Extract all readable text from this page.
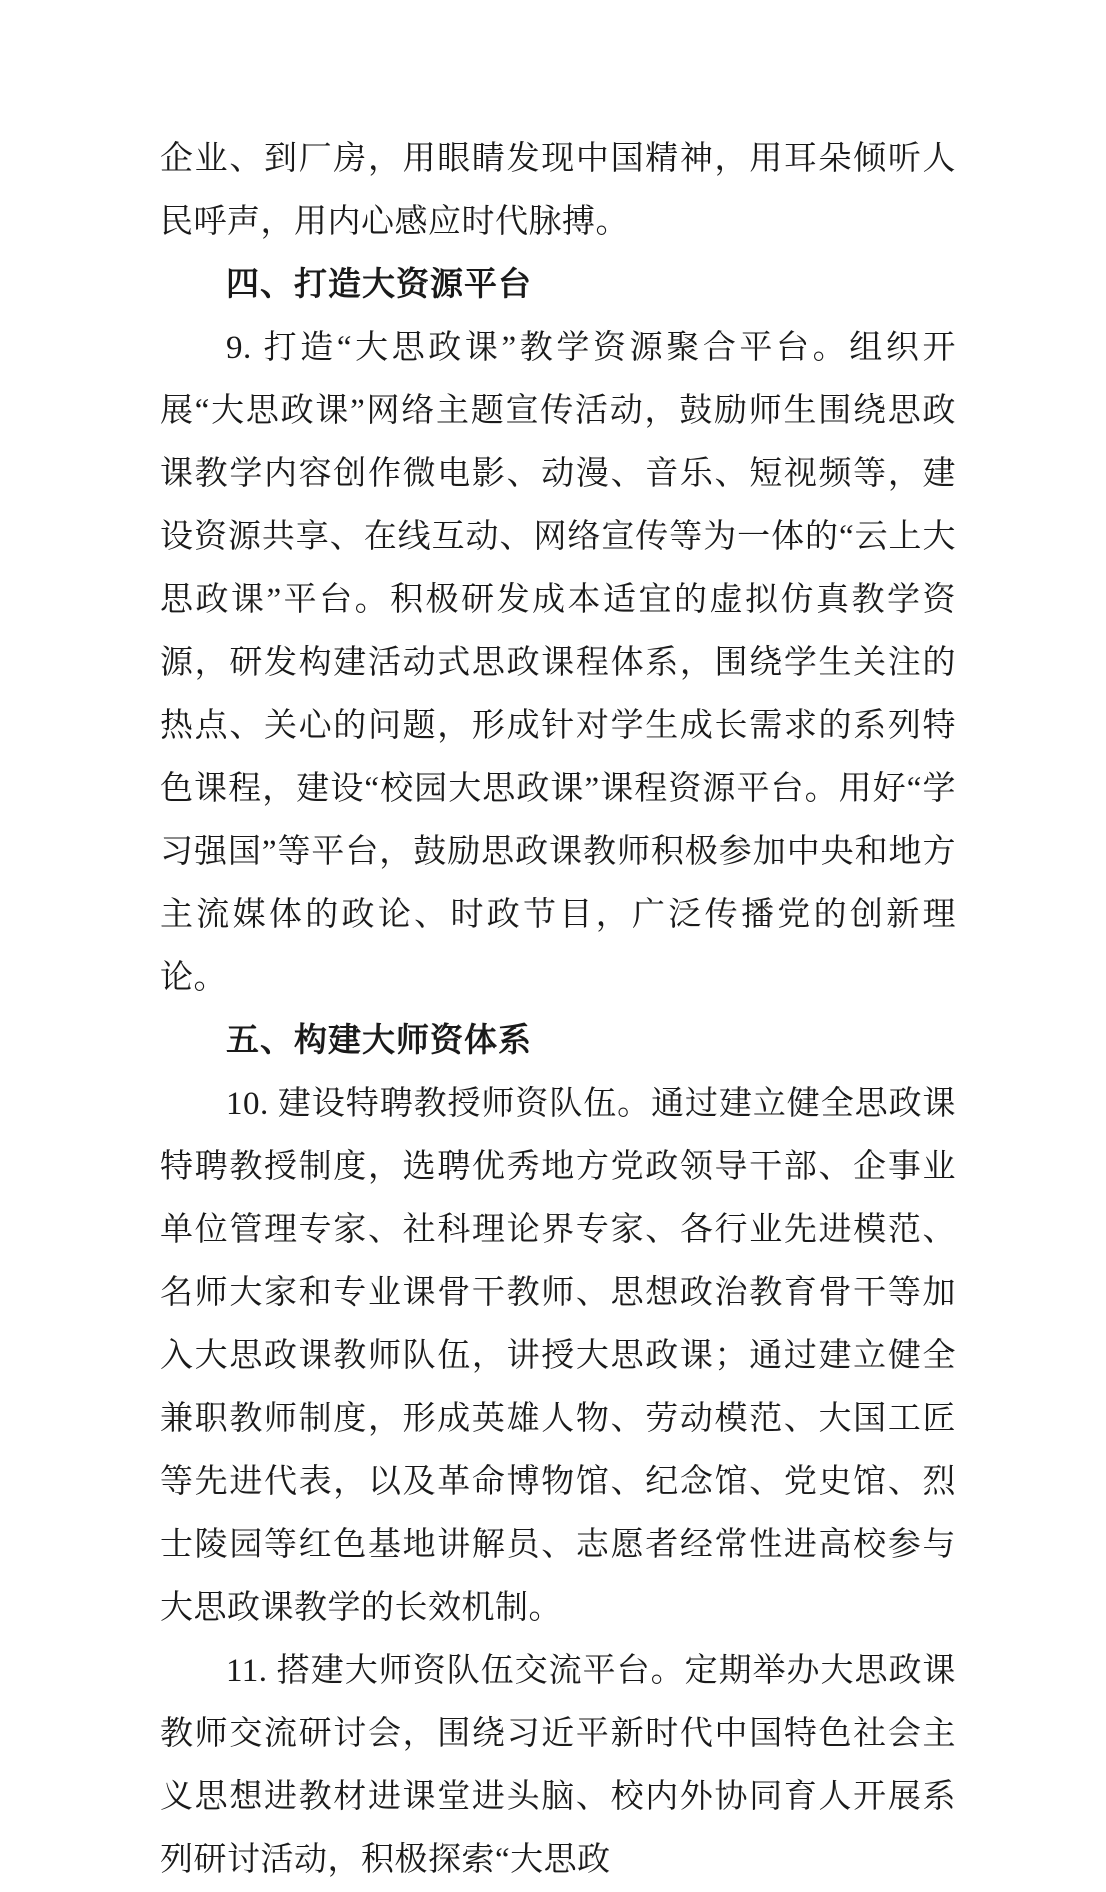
企业、到厂房，用眼睛发现中国精神，用耳朵倾听人民呼声，用内心感应时代脉搏。

四、打造大资源平台

9. 打造“大思政课”教学资源聚合平台。组织开展“大思政课”网络主题宣传活动，鼓励师生围绕思政课教学内容创作微电影、动漫、音乐、短视频等，建设资源共享、在线互动、网络宣传等为一体的“云上大思政课”平台。积极研发成本适宜的虚拟仿真教学资源，研发构建活动式思政课程体系，围绕学生关注的热点、关心的问题，形成针对学生成长需求的系列特色课程，建设“校园大思政课”课程资源平台。用好“学习强国”等平台，鼓励思政课教师积极参加中央和地方主流媒体的政论、时政节目，广泛传播党的创新理论。

五、构建大师资体系

10. 建设特聘教授师资队伍。通过建立健全思政课特聘教授制度，选聘优秀地方党政领导干部、企事业单位管理专家、社科理论界专家、各行业先进模范、名师大家和专业课骨干教师、思想政治教育骨干等加入大思政课教师队伍，讲授大思政课；通过建立健全兼职教师制度，形成英雄人物、劳动模范、大国工匠等先进代表，以及革命博物馆、纪念馆、党史馆、烈士陵园等红色基地讲解员、志愿者经常性进高校参与大思政课教学的长效机制。

11. 搭建大师资队伍交流平台。定期举办大思政课教师交流研讨会，围绕习近平新时代中国特色社会主义思想进教材进课堂进头脑、校内外协同育人开展系列研讨活动，积极探索“大思政
